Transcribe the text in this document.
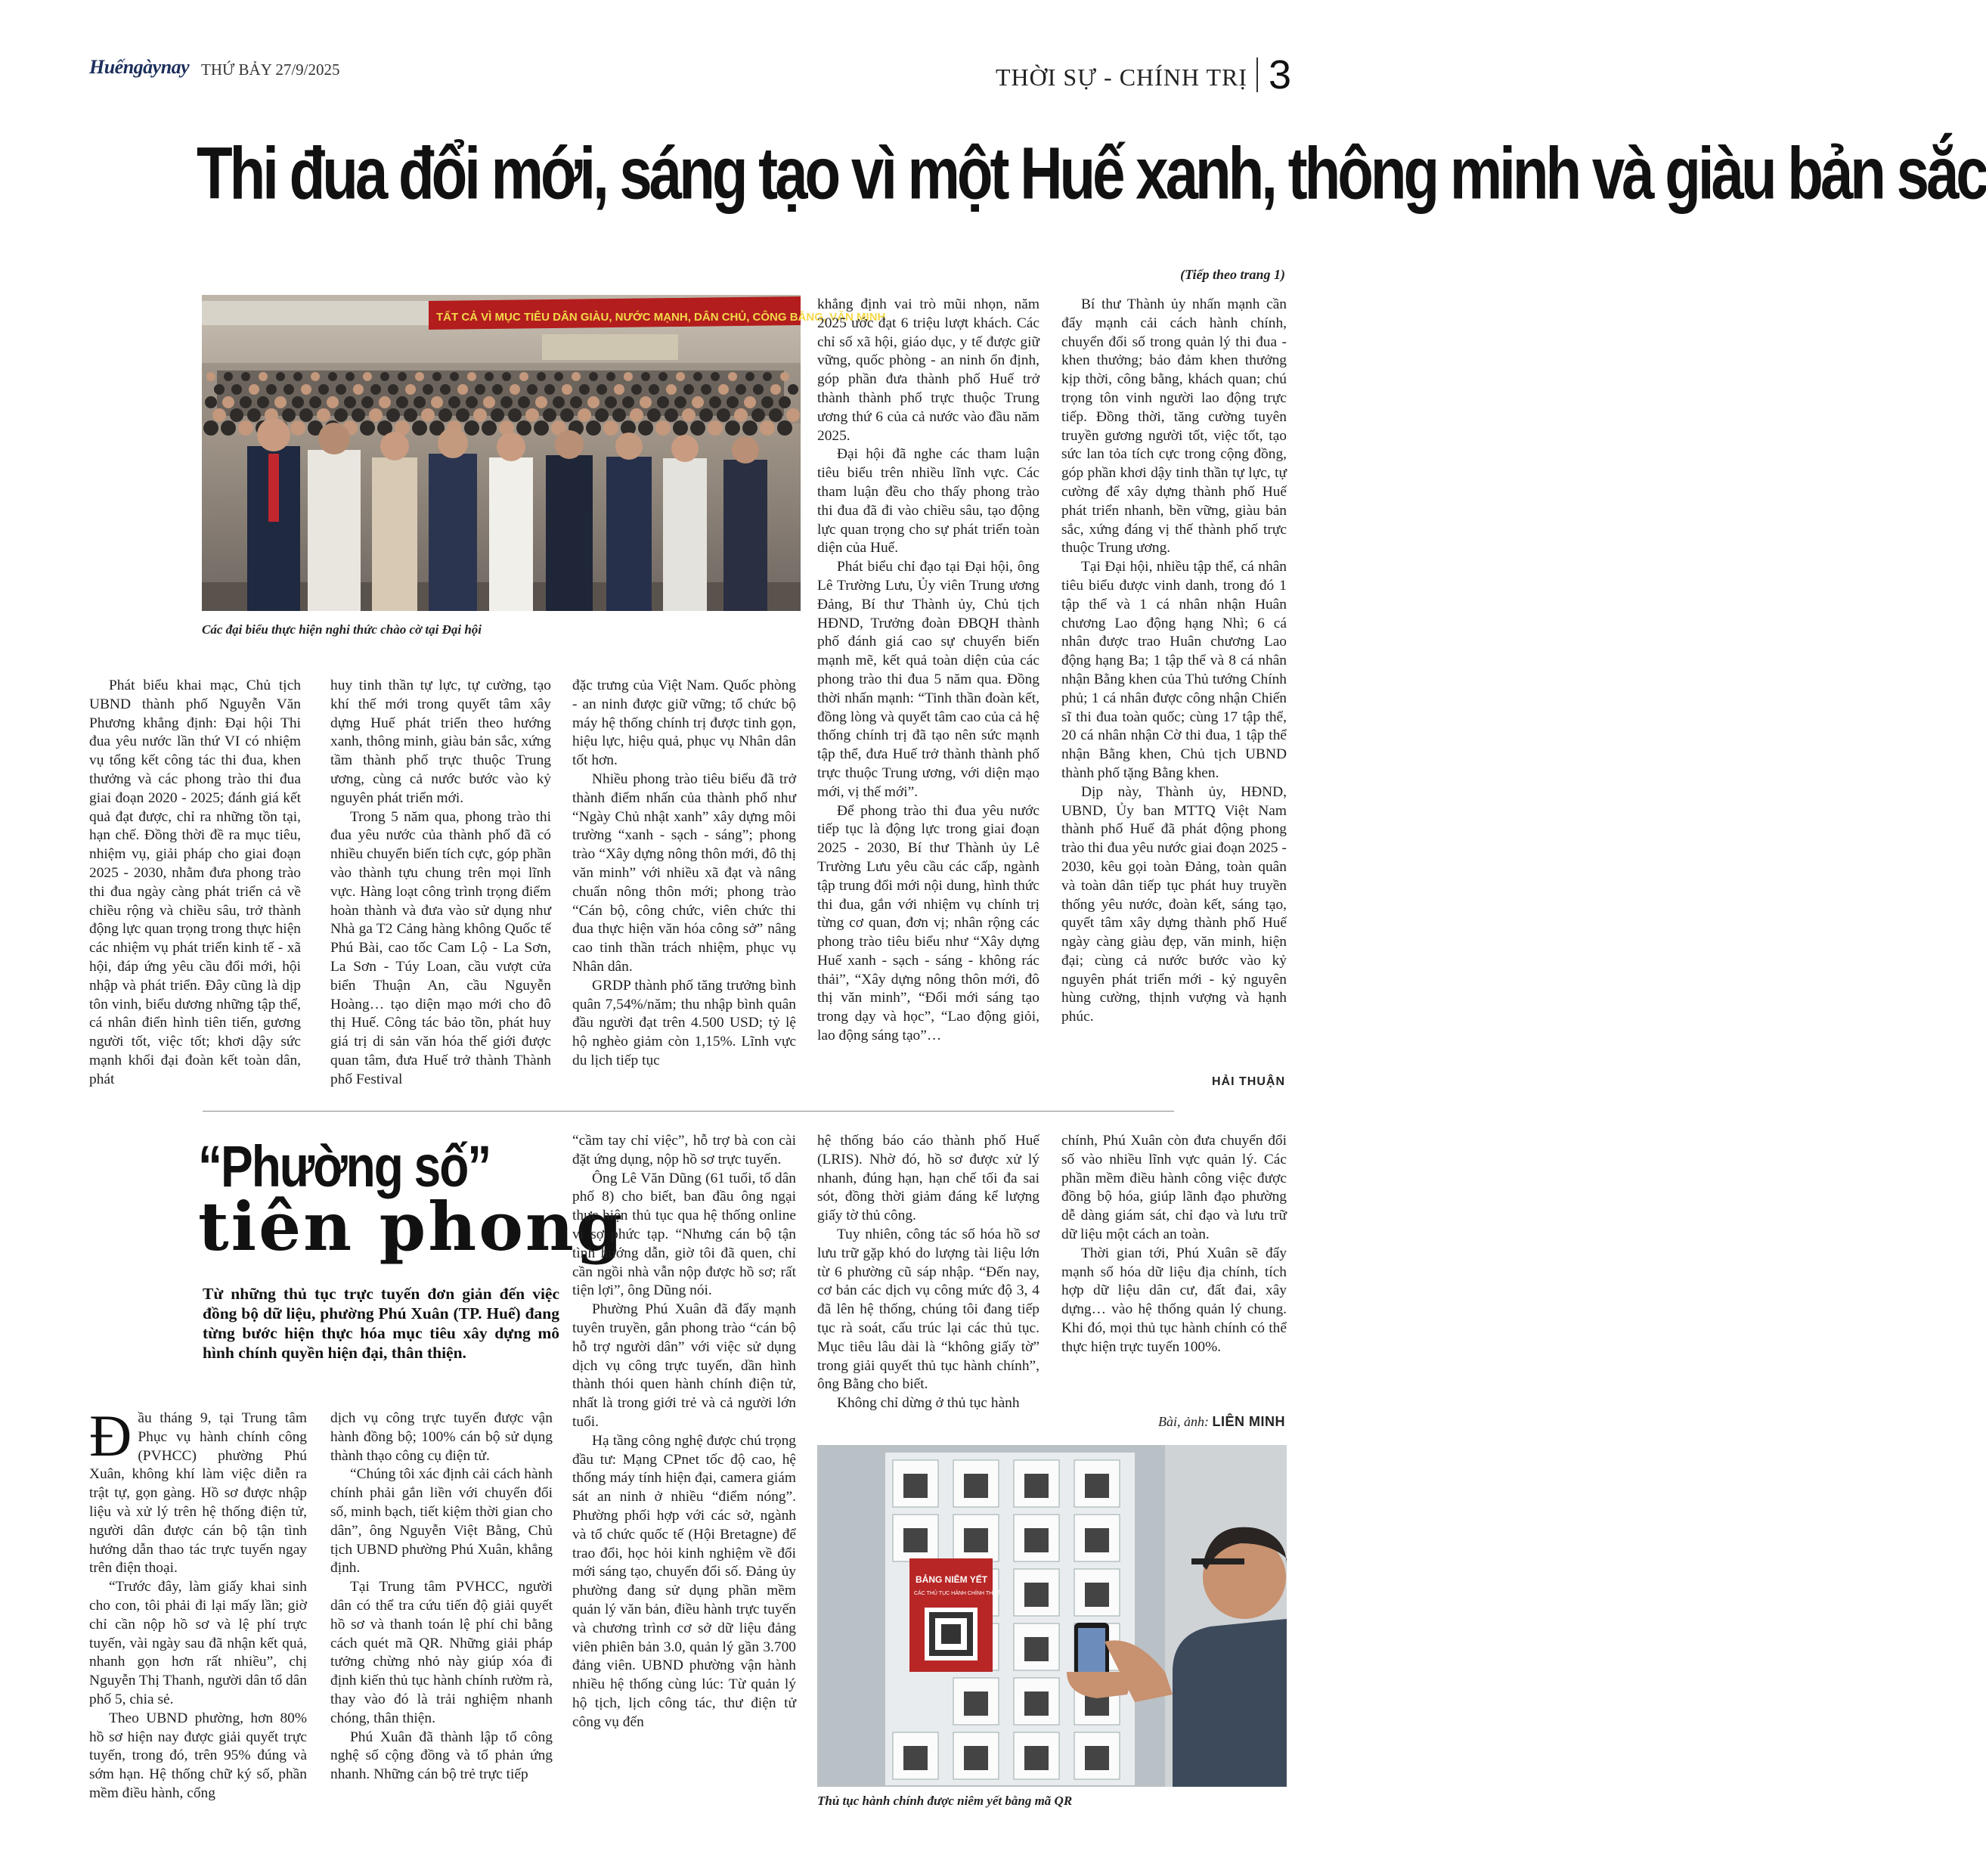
Huếngàynay THỨ BẢY 27/9/2025	THỜI SỰ - CHÍNH TRỊ 3
Thi đua đổi mới, sáng tạo vì một Huế xanh, thông minh và giàu bản sắc
(Tiếp theo trang 1)
TẤT CẢ VÌ MỤC TIÊU DÂN GIÀU, NƯỚC MẠNH, DÂN CHỦ, CÔNG BẰNG, VĂN MINH
Các đại biểu thực hiện nghi thức chào cờ tại Đại hội

Phát biểu khai mạc, Chủ tịch UBND thành phố Nguyễn Văn Phương khẳng định: Đại hội Thi đua yêu nước lần thứ VI có nhiệm vụ tổng kết công tác thi đua, khen thưởng và các phong trào thi đua giai đoạn 2020 - 2025; đánh giá kết quả đạt được, chỉ ra những tồn tại, hạn chế. Đồng thời đề ra mục tiêu, nhiệm vụ, giải pháp cho giai đoạn 2025 - 2030, nhằm đưa phong trào thi đua ngày càng phát triển cả về chiều rộng và chiều sâu, trở thành động lực quan trọng trong thực hiện các nhiệm vụ phát triển kinh tế - xã hội, đáp ứng yêu cầu đổi mới, hội nhập và phát triển. Đây cũng là dịp tôn vinh, biểu dương những tập thể, cá nhân điển hình tiên tiến, gương người tốt, việc tốt; khơi dậy sức mạnh khối đại đoàn kết toàn dân, phát

huy tinh thần tự lực, tự cường, tạo khí thế mới trong quyết tâm xây dựng Huế phát triển theo hướng xanh, thông minh, giàu bản sắc, xứng tầm thành phố trực thuộc Trung ương, cùng cả nước bước vào kỷ nguyên phát triển mới.

Trong 5 năm qua, phong trào thi đua yêu nước của thành phố đã có nhiều chuyển biến tích cực, góp phần vào thành tựu chung trên mọi lĩnh vực. Hàng loạt công trình trọng điểm hoàn thành và đưa vào sử dụng như Nhà ga T2 Cảng hàng không Quốc tế Phú Bài, cao tốc Cam Lộ - La Sơn, La Sơn - Túy Loan, cầu vượt cửa biển Thuận An, cầu Nguyễn Hoàng… tạo diện mạo mới cho đô thị Huế. Công tác bảo tồn, phát huy giá trị di sản văn hóa thế giới được quan tâm, đưa Huế trở thành Thành phố Festival

đặc trưng của Việt Nam. Quốc phòng - an ninh được giữ vững; tổ chức bộ máy hệ thống chính trị được tinh gọn, hiệu lực, hiệu quả, phục vụ Nhân dân tốt hơn.

Nhiều phong trào tiêu biểu đã trở thành điểm nhấn của thành phố như “Ngày Chủ nhật xanh” xây dựng môi trường “xanh - sạch - sáng”; phong trào “Xây dựng nông thôn mới, đô thị văn minh” với nhiều xã đạt và nâng chuẩn nông thôn mới; phong trào “Cán bộ, công chức, viên chức thi đua thực hiện văn hóa công sở” nâng cao tinh thần trách nhiệm, phục vụ Nhân dân.

GRDP thành phố tăng trưởng bình quân 7,54%/năm; thu nhập bình quân đầu người đạt trên 4.500 USD; tỷ lệ hộ nghèo giảm còn 1,15%. Lĩnh vực du lịch tiếp tục

khẳng định vai trò mũi nhọn, năm 2025 ước đạt 6 triệu lượt khách. Các chỉ số xã hội, giáo dục, y tế được giữ vững, quốc phòng - an ninh ổn định, góp phần đưa thành phố Huế trở thành thành phố trực thuộc Trung ương thứ 6 của cả nước vào đầu năm 2025.

Đại hội đã nghe các tham luận tiêu biểu trên nhiều lĩnh vực. Các tham luận đều cho thấy phong trào thi đua đã đi vào chiều sâu, tạo động lực quan trọng cho sự phát triển toàn diện của Huế.

Phát biểu chỉ đạo tại Đại hội, ông Lê Trường Lưu, Ủy viên Trung ương Đảng, Bí thư Thành ủy, Chủ tịch HĐND, Trưởng đoàn ĐBQH thành phố đánh giá cao sự chuyển biến mạnh mẽ, kết quả toàn diện của các phong trào thi đua 5 năm qua. Đồng thời nhấn mạnh: “Tinh thần đoàn kết, đồng lòng và quyết tâm cao của cả hệ thống chính trị đã tạo nên sức mạnh tập thể, đưa Huế trở thành thành phố trực thuộc Trung ương, với diện mạo mới, vị thế mới”.

Để phong trào thi đua yêu nước tiếp tục là động lực trong giai đoạn 2025 - 2030, Bí thư Thành ủy Lê Trường Lưu yêu cầu các cấp, ngành tập trung đổi mới nội dung, hình thức thi đua, gắn với nhiệm vụ chính trị từng cơ quan, đơn vị; nhân rộng các phong trào tiêu biểu như “Xây dựng Huế xanh - sạch - sáng - không rác thải”, “Xây dựng nông thôn mới, đô thị văn minh”, “Đổi mới sáng tạo trong dạy và học”, “Lao động giỏi, lao động sáng tạo”…

Bí thư Thành ủy nhấn mạnh cần đẩy mạnh cải cách hành chính, chuyển đổi số trong quản lý thi đua - khen thưởng; bảo đảm khen thưởng kịp thời, công bằng, khách quan; chú trọng tôn vinh người lao động trực tiếp. Đồng thời, tăng cường tuyên truyền gương người tốt, việc tốt, tạo sức lan tỏa tích cực trong cộng đồng, góp phần khơi dậy tinh thần tự lực, tự cường để xây dựng thành phố Huế phát triển nhanh, bền vững, giàu bản sắc, xứng đáng vị thế thành phố trực thuộc Trung ương.

Tại Đại hội, nhiều tập thể, cá nhân tiêu biểu được vinh danh, trong đó 1 tập thể và 1 cá nhân nhận Huân chương Lao động hạng Nhì; 6 cá nhân được trao Huân chương Lao động hạng Ba; 1 tập thể và 8 cá nhân nhận Bằng khen của Thủ tướng Chính phủ; 1 cá nhân được công nhận Chiến sĩ thi đua toàn quốc; cùng 17 tập thể, 20 cá nhân nhận Cờ thi đua, 1 tập thể nhận Bằng khen, Chủ tịch UBND thành phố tặng Bằng khen.

Dịp này, Thành ủy, HĐND, UBND, Ủy ban MTTQ Việt Nam thành phố Huế đã phát động phong trào thi đua yêu nước giai đoạn 2025 - 2030, kêu gọi toàn Đảng, toàn quân và toàn dân tiếp tục phát huy truyền thống yêu nước, đoàn kết, sáng tạo, quyết tâm xây dựng thành phố Huế ngày càng giàu đẹp, văn minh, hiện đại; cùng cả nước bước vào kỷ nguyên phát triển mới - kỷ nguyên hùng cường, thịnh vượng và hạnh phúc.

HẢI THUẬN
“Phường số”
tiên phong
Từ những thủ tục trực tuyến đơn giản đến việc đồng bộ dữ liệu, phường Phú Xuân (TP. Huế) đang từng bước hiện thực hóa mục tiêu xây dựng mô hình chính quyền hiện đại, thân thiện.

Đầu tháng 9, tại Trung tâm Phục vụ hành chính công (PVHCC) phường Phú Xuân, không khí làm việc diễn ra trật tự, gọn gàng. Hồ sơ được nhập liệu và xử lý trên hệ thống điện tử, người dân được cán bộ tận tình hướng dẫn thao tác trực tuyến ngay trên điện thoại.

“Trước đây, làm giấy khai sinh cho con, tôi phải đi lại mấy lần; giờ chỉ cần nộp hồ sơ và lệ phí trực tuyến, vài ngày sau đã nhận kết quả, nhanh gọn hơn rất nhiều”, chị Nguyễn Thị Thanh, người dân tổ dân phố 5, chia sẻ.

Theo UBND phường, hơn 80% hồ sơ hiện nay được giải quyết trực tuyến, trong đó, trên 95% đúng và sớm hạn. Hệ thống chữ ký số, phần mềm điều hành, cổng

dịch vụ công trực tuyến được vận hành đồng bộ; 100% cán bộ sử dụng thành thạo công cụ điện tử.

“Chúng tôi xác định cải cách hành chính phải gắn liền với chuyển đổi số, minh bạch, tiết kiệm thời gian cho dân”, ông Nguyễn Việt Bằng, Chủ tịch UBND phường Phú Xuân, khẳng định.

Tại Trung tâm PVHCC, người dân có thể tra cứu tiến độ giải quyết hồ sơ và thanh toán lệ phí chỉ bằng cách quét mã QR. Những giải pháp tưởng chừng nhỏ này giúp xóa đi định kiến thủ tục hành chính rườm rà, thay vào đó là trải nghiệm nhanh chóng, thân thiện.

Phú Xuân đã thành lập tổ công nghệ số cộng đồng và tổ phản ứng nhanh. Những cán bộ trẻ trực tiếp

“cầm tay chỉ việc”, hỗ trợ bà con cài đặt ứng dụng, nộp hồ sơ trực tuyến.

Ông Lê Văn Dũng (61 tuổi, tổ dân phố 8) cho biết, ban đầu ông ngại thực hiện thủ tục qua hệ thống online vì sợ phức tạp. “Nhưng cán bộ tận tình hướng dẫn, giờ tôi đã quen, chỉ cần ngồi nhà vẫn nộp được hồ sơ; rất tiện lợi”, ông Dũng nói.

Phường Phú Xuân đã đẩy mạnh tuyên truyền, gắn phong trào “cán bộ hỗ trợ người dân” với việc sử dụng dịch vụ công trực tuyến, dần hình thành thói quen hành chính điện tử, nhất là trong giới trẻ và cả người lớn tuổi.

Hạ tầng công nghệ được chú trọng đầu tư: Mạng CPnet tốc độ cao, hệ thống máy tính hiện đại, camera giám sát an ninh ở nhiều “điểm nóng”. Phường phối hợp với các sở, ngành và tổ chức quốc tế (Hội Bretagne) để trao đổi, học hỏi kinh nghiệm về đổi mới sáng tạo, chuyển đổi số. Đảng ủy phường đang sử dụng phần mềm quản lý văn bản, điều hành trực tuyến và chương trình cơ sở dữ liệu đảng viên phiên bản 3.0, quản lý gần 3.700 đảng viên. UBND phường vận hành nhiều hệ thống cùng lúc: Từ quản lý hộ tịch, lịch công tác, thư điện tử công vụ đến

hệ thống báo cáo thành phố Huế (LRIS). Nhờ đó, hồ sơ được xử lý nhanh, đúng hạn, hạn chế tối đa sai sót, đồng thời giảm đáng kể lượng giấy tờ thủ công.

Tuy nhiên, công tác số hóa hồ sơ lưu trữ gặp khó do lượng tài liệu lớn từ 6 phường cũ sáp nhập. “Đến nay, cơ bản các dịch vụ công mức độ 3, 4 đã lên hệ thống, chúng tôi đang tiếp tục rà soát, cấu trúc lại các thủ tục. Mục tiêu lâu dài là “không giấy tờ” trong giải quyết thủ tục hành chính”, ông Bằng cho biết.

Không chỉ dừng ở thủ tục hành

chính, Phú Xuân còn đưa chuyển đổi số vào nhiều lĩnh vực quản lý. Các phần mềm điều hành công việc được đồng bộ hóa, giúp lãnh đạo phường dễ dàng giám sát, chỉ đạo và lưu trữ dữ liệu một cách an toàn.

Thời gian tới, Phú Xuân sẽ đẩy mạnh số hóa dữ liệu địa chính, tích hợp dữ liệu dân cư, đất đai, xây dựng… vào hệ thống quản lý chung. Khi đó, mọi thủ tục hành chính có thể thực hiện trực tuyến 100%.

Bài, ảnh: LIÊN MINH
BẢNG NIÊM YẾT
CÁC THỦ TỤC HÀNH CHÍNH THUẾ
Thủ tục hành chính được niêm yết bằng mã QR
